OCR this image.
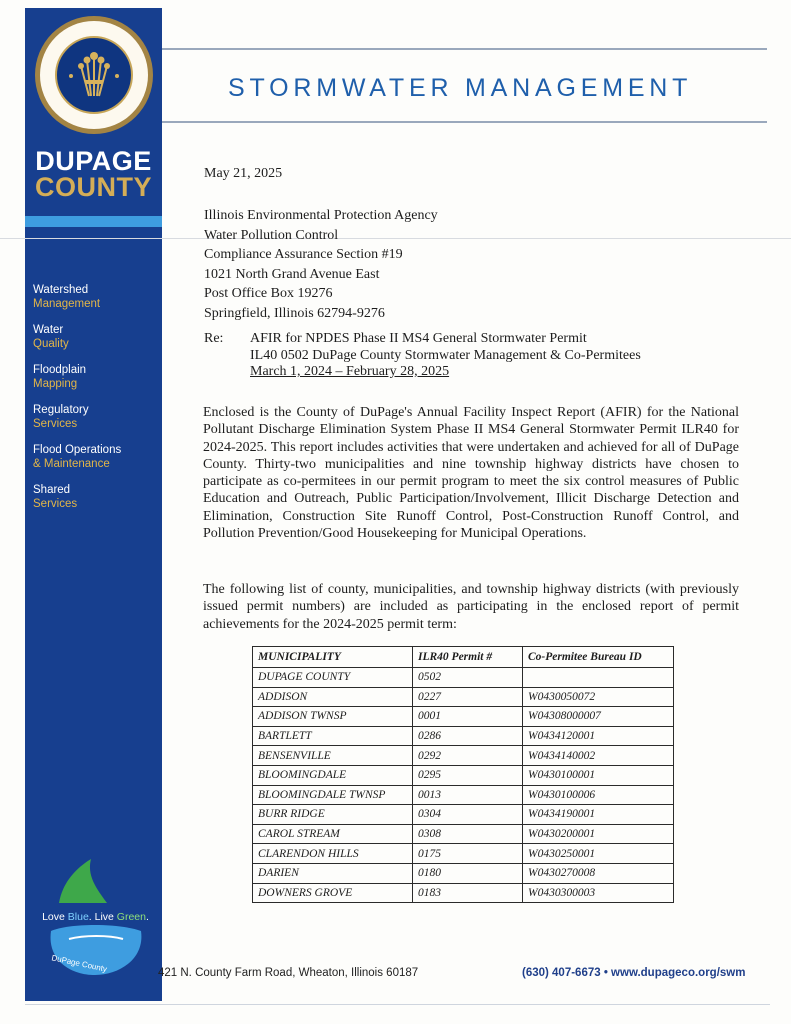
DUPAGE
COUNTY
Watershed
Management
Water
Quality
Floodplain
Mapping
Regulatory
Services
Flood Operations
& Maintenance
Shared
Services
Love Blue. Live Green.
DuPage County
STORMWATER MANAGEMENT
May 21, 2025
Illinois Environmental Protection Agency
Water Pollution Control
Compliance Assurance Section #19
1021 North Grand Avenue East
Post Office Box 19276
Springfield, Illinois 62794-9276
Re: AFIR for NPDES Phase II MS4 General Stormwater Permit
IL40 0502 DuPage County Stormwater Management & Co-Permitees
March 1, 2024 – February 28, 2025
Enclosed is the County of DuPage's Annual Facility Inspect Report (AFIR) for the National Pollutant Discharge Elimination System Phase II MS4 General Stormwater Permit ILR40 for 2024-2025. This report includes activities that were undertaken and achieved for all of DuPage County. Thirty-two municipalities and nine township highway districts have chosen to participate as co-permitees in our permit program to meet the six control measures of Public Education and Outreach, Public Participation/Involvement, Illicit Discharge Detection and Elimination, Construction Site Runoff Control, Post-Construction Runoff Control, and Pollution Prevention/Good Housekeeping for Municipal Operations.
The following list of county, municipalities, and township highway districts (with previously issued permit numbers) are included as participating in the enclosed report of permit achievements for the 2024-2025 permit term:
MUNICIPALITY	ILR40 Permit #	Co-Permitee Bureau ID
DUPAGE COUNTY	0502	
ADDISON	0227	W0430050072
ADDISON TWNSP	0001	W04308000007
BARTLETT	0286	W0434120001
BENSENVILLE	0292	W0434140002
BLOOMINGDALE	0295	W0430100001
BLOOMINGDALE TWNSP	0013	W0430100006
BURR RIDGE	0304	W0434190001
CAROL STREAM	0308	W0430200001
CLARENDON HILLS	0175	W0430250001
DARIEN	0180	W0430270008
DOWNERS GROVE	0183	W0430300003
421 N. County Farm Road, Wheaton, Illinois 60187	(630) 407-6673 • www.dupageco.org/swm
